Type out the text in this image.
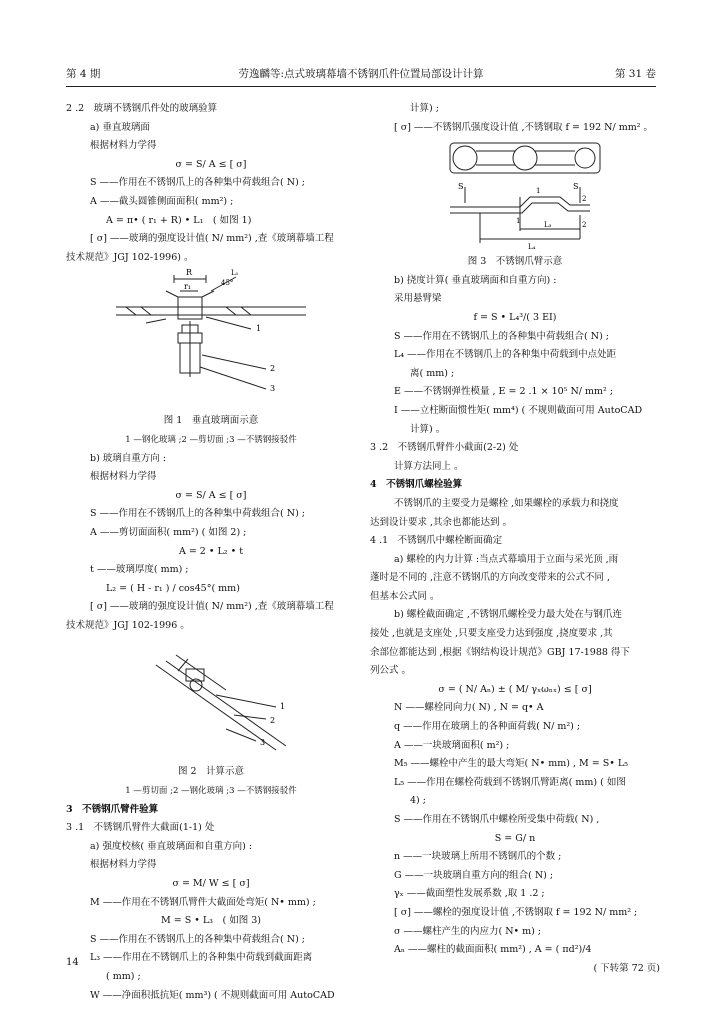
第 4 期	劳逸麟等:点式玻璃幕墙不锈钢爪件位置局部设计计算	第 31 卷
2 .2　玻璃不锈钢爪件处的玻璃验算
a) 垂直玻璃面
根据材料力学得
σ = S/ A ≤ [ σ]
S ——作用在不锈钢爪上的各种集中荷载组合( N) ;
A ——截头圆锥侧面面积( mm²) ;
A = π• ( r₁ + R) • L₁　( 如图 1)
[ σ] ——玻璃的强度设计值( N/ mm²) ,查《玻璃幕墙工程
技术规范》JGJ 102-1996) 。
R
r₁	45°
L₁
1
2
3
图 1　垂直玻璃面示意
1 —钢化玻璃 ;2 —剪切面 ;3 —不锈钢接驳件
b) 玻璃自重方向 :
根据材料力学得
σ = S/ A ≤ [ σ]
S ——作用在不锈钢爪上的各种集中荷载组合( N) ;
A ——剪切面面积( mm²) ( 如图 2) ;
A = 2 • L₂ • t
t ——玻璃厚度( mm) ;
L₂ = ( H - r₁ ) / cos45°( mm)
[ σ] ——玻璃的强度设计值( N/ mm²) ,查《玻璃幕墙工程
技术规范》JGJ 102-1996 。
1
2
3
图 2　计算示意
1 —剪切面 ;2 —钢化玻璃 ;3 —不锈钢接驳件
3　不锈钢爪臂件验算
3 .1　不锈钢爪臂件大截面(1-1) 处
a) 强度校核( 垂直玻璃面和自重方向) :
根据材料力学得
σ = M/ W ≤ [ σ]
M ——作用在不锈钢爪臂件大截面处弯矩( N• mm) ;
M = S • L₃　( 如图 3)
S ——作用在不锈钢爪上的各种集中荷载组合( N) ;
L₃ ——作用在不锈钢爪上的各种集中荷载到截面距离
( mm) ;
W ——净面积抵抗矩( mm³) ( 不规则截面可用 AutoCAD
计算) ;
[ σ] ——不锈钢爪强度设计值 ,不锈钢取 f = 192 N/ mm² 。
S	S
1
1
2
2
L₃
L₄
图 3　不锈钢爪臂示意
b) 挠度计算( 垂直玻璃面和自重方向) :
采用悬臂梁
f = S • L₄³/( 3 EI)
S ——作用在不锈钢爪上的各种集中荷载组合( N) ;
L₄ ——作用在不锈钢爪上的各种集中荷载到中点处距
离( mm) ;
E ——不锈钢弹性模量 , E = 2 .1 × 10⁵ N/ mm² ;
I ——立柱断面惯性矩( mm⁴) ( 不规则截面可用 AutoCAD
计算) 。
3 .2　不锈钢爪臂件小截面(2-2) 处
计算方法同上 。
4　不锈钢爪螺栓验算
不锈钢爪的主要受力是螺栓 ,如果螺栓的承载力和挠度
达到设计要求 ,其余也都能达到 。
4 .1　不锈钢爪中螺栓断面确定
a) 螺栓的内力计算 :当点式幕墙用于立面与采光顶 ,雨
蓬时是不同的 ,注意不锈钢爪的方向改变带来的公式不同 ,
但基本公式同 。
b) 螺栓截面确定 ,不锈钢爪螺栓受力最大处在与钢爪连
接处 ,也就是支座处 ,只要支座受力达到强度 ,挠度要求 ,其
余部位都能达到 ,根据《钢结构设计规范》GBJ 17-1988 得下
列公式 。
σ = ( N/ Aₙ) ± ( M/ γₓωₙₓ) ≤ [ σ]
N ——螺栓同向力( N) , N = q• A
q ——作用在玻璃上的各种面荷载( N/ m²) ;
A ——一块玻璃面积( m²) ;
M₅ ——螺栓中产生的最大弯矩( N• mm) , M = S• L₅
L₅ ——作用在螺栓荷载到不锈钢爪臂距离( mm) ( 如图
4) ;
S ——作用在不锈钢爪中螺栓所受集中荷载( N) ,
S = G/ n
n ——一块玻璃上所用不锈钢爪的个数 ;
G ——一块玻璃自重方向的组合( N) ;
γₓ ——截面塑性发展系数 ,取 1 .2 ;
[ σ] ——螺栓的强度设计值 ,不锈钢取 f = 192 N/ mm² ;
σ ——螺柱产生的内应力( N• m) ;
Aₙ ——螺柱的截面面积( mm²) , A = ( πd²)/4
( 下转第 72 页)
14
